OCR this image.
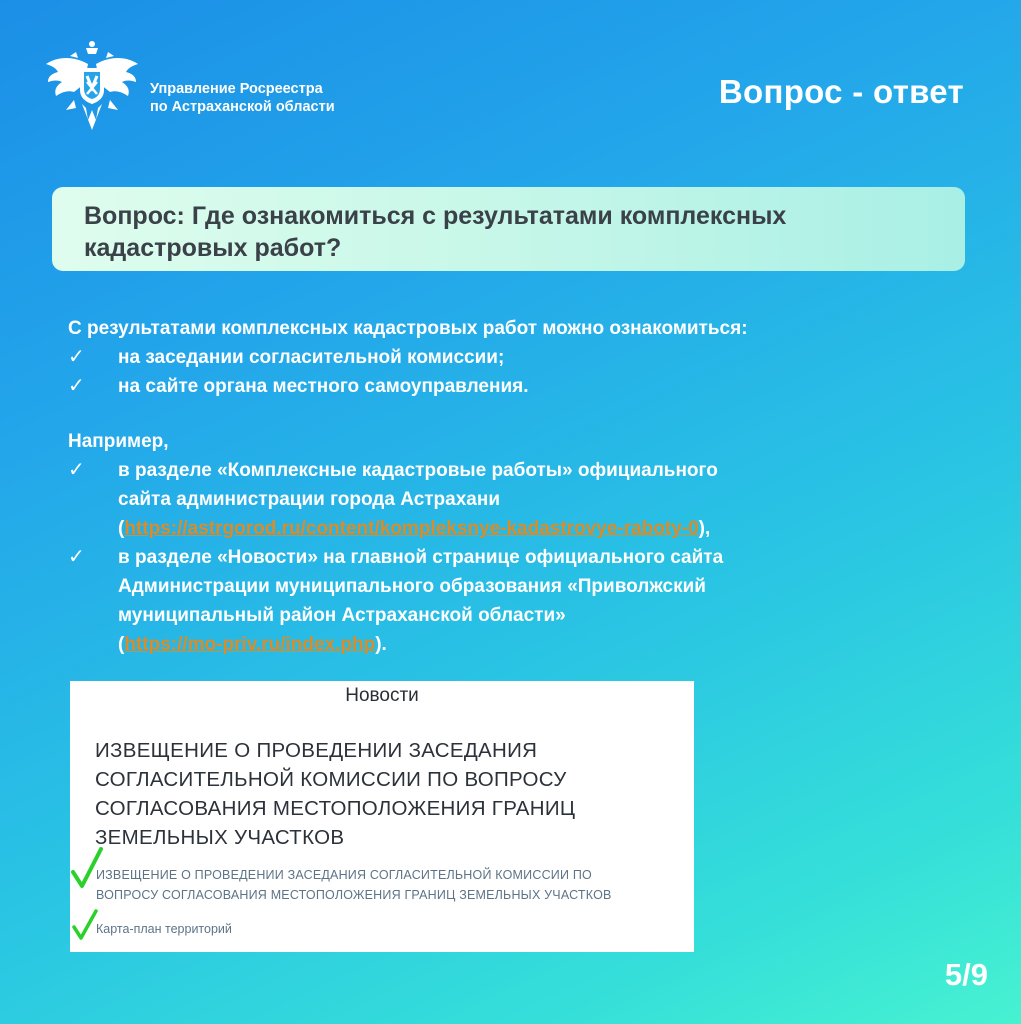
Управление Росреестра
по Астраханской области	Вопрос - ответ
Вопрос: Где ознакомиться с результатами комплексных
кадастровых работ?
С результатами комплексных кадастровых работ можно ознакомиться:
✓ на заседании согласительной комиссии;
✓ на сайте органа местного самоуправления.
Например,
✓ в разделе «Комплексные кадастровые работы» официального
сайта администрации города Астрахани
(https://astrgorod.ru/content/kompleksnye-kadastrovye-raboty-0),
✓ в разделе «Новости» на главной странице официального сайта
Администрации муниципального образования «Приволжский
муниципальный район Астраханской области»
(https://mo-priv.ru/index.php).
Новости
ИЗВЕЩЕНИЕ О ПРОВЕДЕНИИ ЗАСЕДАНИЯ
СОГЛАСИТЕЛЬНОЙ КОМИССИИ ПО ВОПРОСУ
СОГЛАСОВАНИЯ МЕСТОПОЛОЖЕНИЯ ГРАНИЦ
ЗЕМЕЛЬНЫХ УЧАСТКОВ
ИЗВЕЩЕНИЕ О ПРОВЕДЕНИИ ЗАСЕДАНИЯ СОГЛАСИТЕЛЬНОЙ КОМИССИИ ПО
ВОПРОСУ СОГЛАСОВАНИЯ МЕСТОПОЛОЖЕНИЯ ГРАНИЦ ЗЕМЕЛЬНЫХ УЧАСТКОВ
Карта-план территорий
5/9
